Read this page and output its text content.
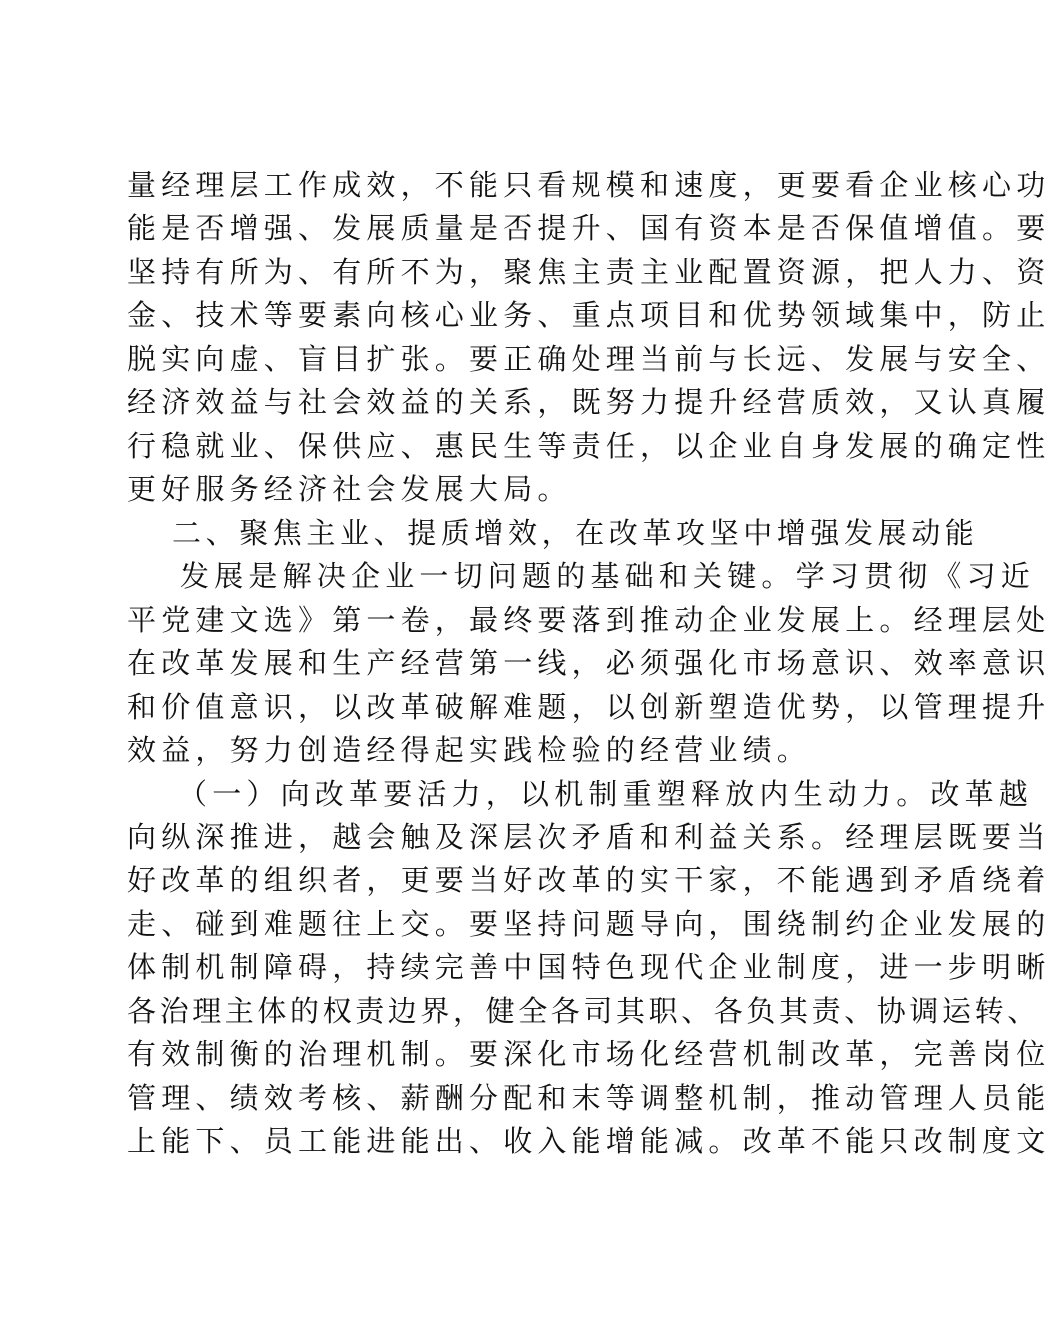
量经理层工作成效，不能只看规模和速度，更要看企业核心功
能是否增强、发展质量是否提升、国有资本是否保值增值。要
坚持有所为、有所不为，聚焦主责主业配置资源，把人力、资
金、技术等要素向核心业务、重点项目和优势领域集中，防止
脱实向虚、盲目扩张。要正确处理当前与长远、发展与安全、
经济效益与社会效益的关系，既努力提升经营质效，又认真履
行稳就业、保供应、惠民生等责任，以企业自身发展的确定性
更好服务经济社会发展大局。
二、聚焦主业、提质增效，在改革攻坚中增强发展动能
发展是解决企业一切问题的基础和关键。学习贯彻《习近
平党建文选》第一卷，最终要落到推动企业发展上。经理层处
在改革发展和生产经营第一线，必须强化市场意识、效率意识
和价值意识，以改革破解难题，以创新塑造优势，以管理提升
效益，努力创造经得起实践检验的经营业绩。
（一）向改革要活力，以机制重塑释放内生动力。改革越
向纵深推进，越会触及深层次矛盾和利益关系。经理层既要当
好改革的组织者，更要当好改革的实干家，不能遇到矛盾绕着
走、碰到难题往上交。要坚持问题导向，围绕制约企业发展的
体制机制障碍，持续完善中国特色现代企业制度，进一步明晰
各治理主体的权责边界，健全各司其职、各负其责、协调运转、
有效制衡的治理机制。要深化市场化经营机制改革，完善岗位
管理、绩效考核、薪酬分配和末等调整机制，推动管理人员能
上能下、员工能进能出、收入能增能减。改革不能只改制度文
